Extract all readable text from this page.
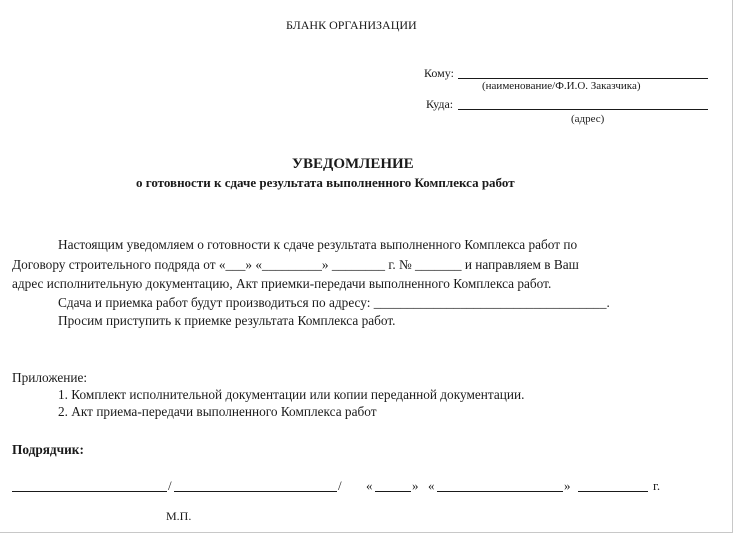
БЛАНК ОРГАНИЗАЦИИ
Кому:
(наименование/Ф.И.О. Заказчика)
Куда:
(адрес)
УВЕДОМЛЕНИЕ
о готовности к сдаче результата выполненного Комплекса работ
Настоящим уведомляем о готовности к сдаче результата выполненного Комплекса работ по
Договору строительного подряда от «___» «_________» ________ г. № _______ и направляем в Ваш
адрес исполнительную документацию, Акт приемки-передачи выполненного Комплекса работ.
Сдача и приемка работ будут производиться по адресу: ___________________________________.
Просим приступить к приемке результата Комплекса работ.
Приложение:
1. Комплект исполнительной документации или копии переданной документации.
2. Акт приема-передачи выполненного Комплекса работ
Подрядчик:
/	/ «	» «	»	г.
М.П.
